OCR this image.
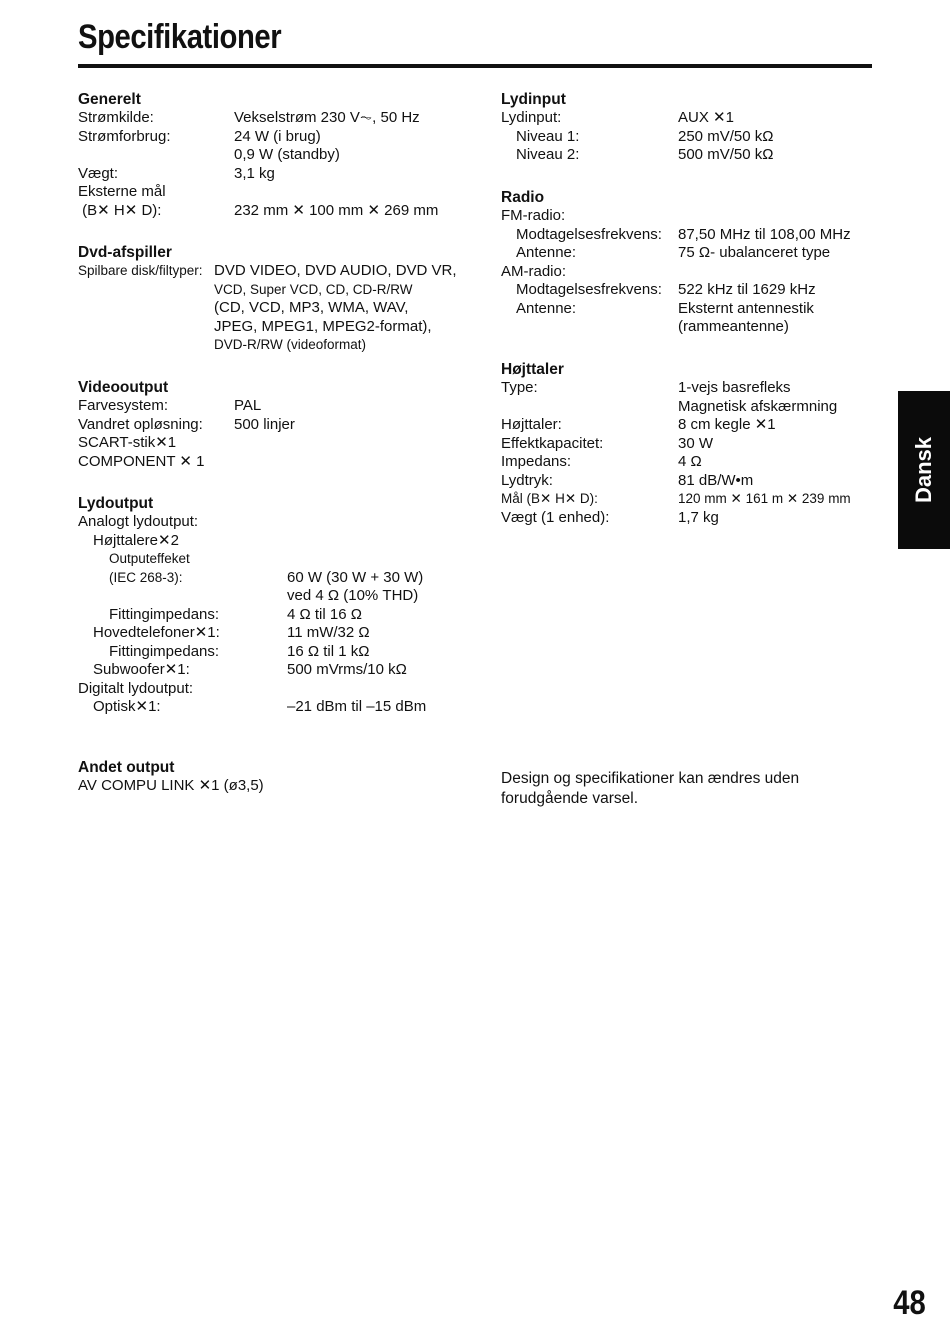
Specifikationer
Generelt
Strømkilde:	Vekselstrøm 230 V⏦, 50 Hz
Strømforbrug:	24 W (i brug)
0,9 W (standby)
Vægt:	3,1 kg
Eksterne mål
(B✕ H✕ D):	232 mm ✕ 100 mm ✕ 269 mm
Dvd-afspiller
Spilbare disk/filtyper: DVD VIDEO, DVD AUDIO, DVD VR,
VCD, Super VCD, CD, CD-R/RW
(CD, VCD, MP3, WMA, WAV,
JPEG, MPEG1, MPEG2-format),
DVD-R/RW (videoformat)
Videooutput
Farvesystem:	PAL
Vandret opløsning: 500 linjer
SCART-stik✕1
COMPONENT ✕ 1
Lydoutput
Analogt lydoutput:
Højttalere✕2
Outputeffeket
(IEC 268-3):	60 W (30 W + 30 W)
ved 4 Ω (10% THD)
Fittingimpedans:	4 Ω til 16 Ω
Hovedtelefoner✕1:	11 mW/32 Ω
Fittingimpedans:	16 Ω til 1 kΩ
Subwoofer✕1:	500 mVrms/10 kΩ
Digitalt lydoutput:
Optisk✕1:	–21 dBm til –15 dBm
Andet output
AV COMPU LINK ✕1 (ø3,5)
Lydinput
Lydinput:	AUX ✕1
Niveau 1:	250 mV/50 kΩ
Niveau 2:	500 mV/50 kΩ
Radio
FM-radio:
Modtagelsesfrekvens: 87,50 MHz til 108,00 MHz
Antenne:	75 Ω- ubalanceret type
AM-radio:
Modtagelsesfrekvens: 522 kHz til 1629 kHz
Antenne:	Eksternt antennestik
(rammeantenne)
Højttaler
Type:	1-vejs basrefleks
Magnetisk afskærmning
Højttaler:	8 cm kegle ✕1
Effektkapacitet:	30 W
Impedans:	4 Ω
Lydtryk:	81 dB/W•m
Mål (B✕ H✕ D):	120 mm ✕ 161 m ✕ 239 mm
Vægt (1 enhed):	1,7 kg
Design og specifikationer kan ændres uden forudgående varsel.
Dansk
48
